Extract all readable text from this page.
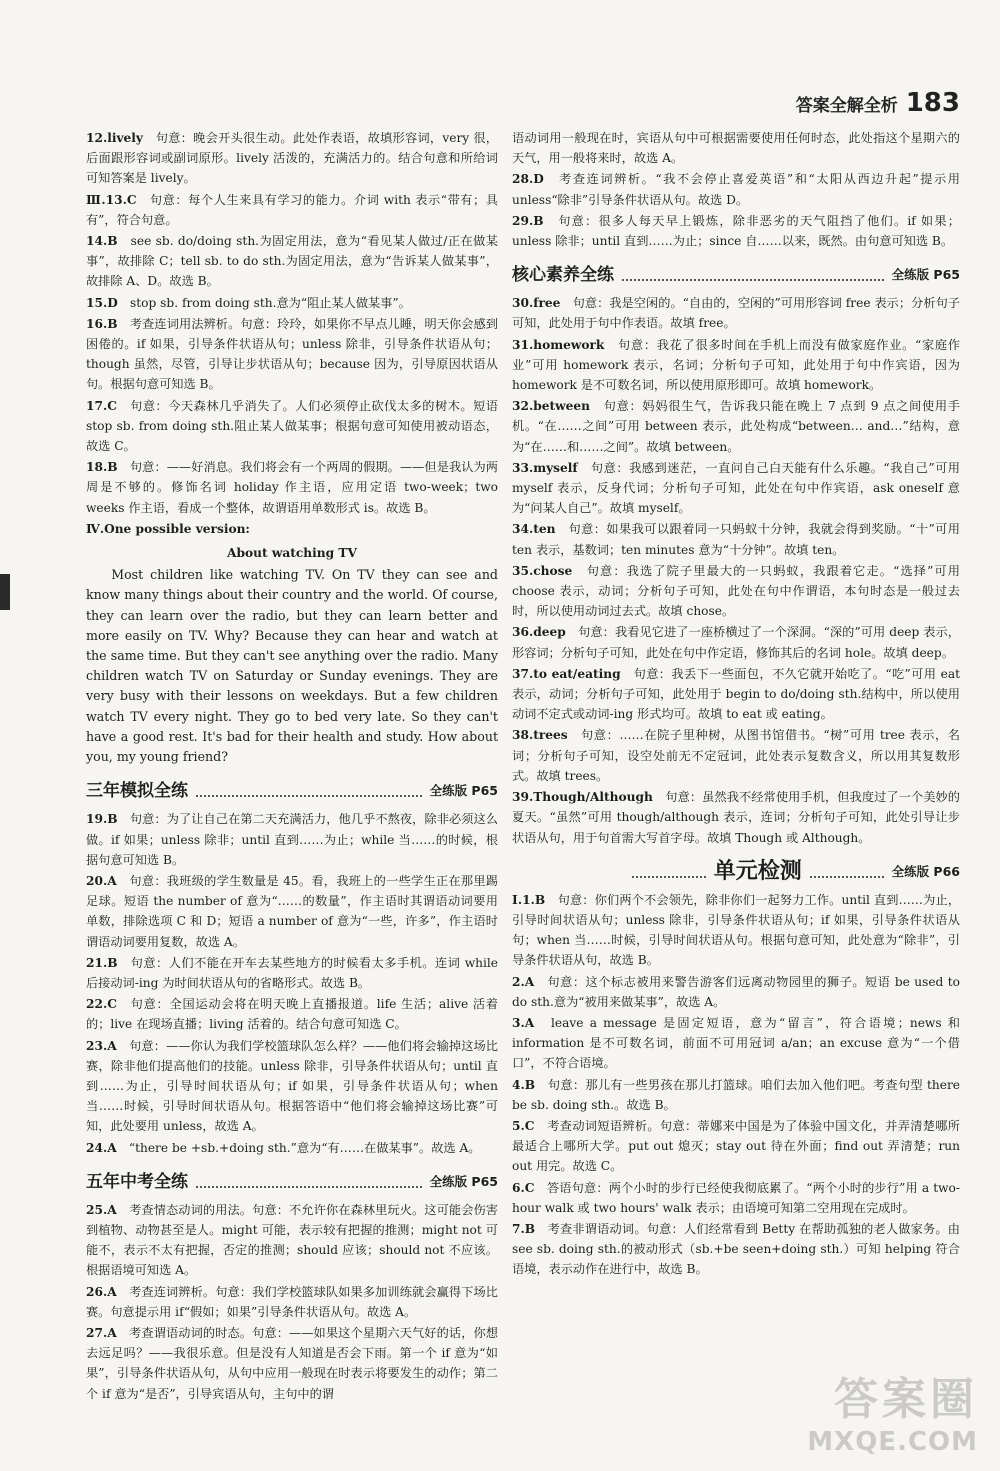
答案全解全析 183

12.lively　句意：晚会开头很生动。此处作表语，故填形容词，very 很，后面跟形容词或副词原形。lively 活泼的，充满活力的。结合句意和所给词可知答案是 lively。

Ⅲ.13.C　句意：每个人生来具有学习的能力。介词 with 表示“带有；具有”，符合句意。

14.B　see sb. do/doing sth.为固定用法，意为“看见某人做过/正在做某事”，故排除 C；tell sb. to do sth.为固定用法，意为“告诉某人做某事”，故排除 A、D。故选 B。

15.D　stop sb. from doing sth.意为“阻止某人做某事”。

16.B　考查连词用法辨析。句意：玲玲，如果你不早点儿睡，明天你会感到困倦的。if 如果，引导条件状语从句；unless 除非，引导条件状语从句；though 虽然，尽管，引导让步状语从句；because 因为，引导原因状语从句。根据句意可知选 B。

17.C　句意：今天森林几乎消失了。人们必须停止砍伐太多的树木。短语 stop sb. from doing sth.阻止某人做某事；根据句意可知使用被动语态，故选 C。

18.B　句意：——好消息。我们将会有一个两周的假期。——但是我认为两周是不够的。修饰名词 holiday 作主语，应用定语 two-week；two weeks 作主语，看成一个整体，故谓语用单数形式 is。故选 B。

Ⅳ.One possible version:

About watching TV

Most children like watching TV. On TV they can see and know many things about their country and the world. Of course, they can learn over the radio, but they can learn better and more easily on TV. Why? Because they can hear and watch at the same time. But they can't see anything over the radio. Many children watch TV on Saturday or Sunday evenings. They are very busy with their lessons on weekdays. But a few children watch TV every night. They go to bed very late. So they can't have a good rest. It's bad for their health and study. How about you, my young friend?

三年模拟全练	全练版 P65

19.B　句意：为了让自己在第二天充满活力，他几乎不熬夜，除非必须这么做。if 如果；unless 除非；until 直到……为止；while 当……的时候，根据句意可知选 B。

20.A　句意：我班级的学生数量是 45。看，我班上的一些学生正在那里踢足球。短语 the number of 意为“……的数量”，作主语时其谓语动词要用单数，排除选项 C 和 D；短语 a number of 意为“一些，许多”，作主语时谓语动词要用复数，故选 A。

21.B　句意：人们不能在开车去某些地方的时候看太多手机。连词 while 后接动词-ing 为时间状语从句的省略形式。故选 B。

22.C　句意：全国运动会将在明天晚上直播报道。life 生活；alive 活着的；live 在现场直播；living 活着的。结合句意可知选 C。

23.A　句意：——你认为我们学校篮球队怎么样？——他们将会输掉这场比赛，除非他们提高他们的技能。unless 除非，引导条件状语从句；until 直到……为止，引导时间状语从句；if 如果，引导条件状语从句；when 当……时候，引导时间状语从句。根据答语中“他们将会输掉这场比赛”可知，此处要用 unless，故选 A。

24.A　“there be +sb.+doing sth.”意为“有……在做某事”。故选 A。

五年中考全练	全练版 P65

25.A　考查情态动词的用法。句意：不允许你在森林里玩火。这可能会伤害到植物、动物甚至是人。might 可能，表示较有把握的推测；might not 可能不，表示不太有把握，否定的推测；should 应该；should not 不应该。根据语境可知选 A。

26.A　考查连词辨析。句意：我们学校篮球队如果多加训练就会赢得下场比赛。句意提示用 if“假如；如果”引导条件状语从句。故选 A。

27.A　考查谓语动词的时态。句意：——如果这个星期六天气好的话，你想去远足吗？——我很乐意。但是没有人知道是否会下雨。第一个 if 意为“如果”，引导条件状语从句，从句中应用一般现在时表示将要发生的动作；第二个 if 意为“是否”，引导宾语从句，主句中的谓

语动词用一般现在时，宾语从句中可根据需要使用任何时态，此处指这个星期六的天气，用一般将来时，故选 A。

28.D　考查连词辨析。“我不会停止喜爱英语”和“太阳从西边升起”提示用 unless“除非”引导条件状语从句。故选 D。

29.B　句意：很多人每天早上锻炼，除非恶劣的天气阻挡了他们。if 如果；unless 除非；until 直到……为止；since 自……以来，既然。由句意可知选 B。

核心素养全练	全练版 P65

30.free　句意：我是空闲的。“自由的，空闲的”可用形容词 free 表示；分析句子可知，此处用于句中作表语。故填 free。

31.homework　句意：我花了很多时间在手机上而没有做家庭作业。“家庭作业”可用 homework 表示，名词；分析句子可知，此处用于句中作宾语，因为 homework 是不可数名词，所以使用原形即可。故填 homework。

32.between　句意：妈妈很生气，告诉我只能在晚上 7 点到 9 点之间使用手机。“在……之间”可用 between 表示，此处构成“between… and…”结构，意为“在……和……之间”。故填 between。

33.myself　句意：我感到迷茫，一直问自己白天能有什么乐趣。“我自己”可用 myself 表示，反身代词；分析句子可知，此处在句中作宾语，ask oneself 意为“问某人自己”。故填 myself。

34.ten　句意：如果我可以跟着同一只蚂蚁十分钟，我就会得到奖励。“十”可用 ten 表示，基数词；ten minutes 意为“十分钟”。故填 ten。

35.chose　句意：我选了院子里最大的一只蚂蚁，我跟着它走。“选择”可用 choose 表示，动词；分析句子可知，此处在句中作谓语，本句时态是一般过去时，所以使用动词过去式。故填 chose。

36.deep　句意：我看见它进了一座桥横过了一个深洞。“深的”可用 deep 表示，形容词；分析句子可知，此处在句中作定语，修饰其后的名词 hole。故填 deep。

37.to eat/eating　句意：我丢下一些面包，不久它就开始吃了。“吃”可用 eat 表示，动词；分析句子可知，此处用于 begin to do/doing sth.结构中，所以使用动词不定式或动词-ing 形式均可。故填 to eat 或 eating。

38.trees　句意：……在院子里种树，从图书馆借书。“树”可用 tree 表示，名词；分析句子可知，设空处前无不定冠词，此处表示复数含义，所以用其复数形式。故填 trees。

39.Though/Although　句意：虽然我不经常使用手机，但我度过了一个美妙的夏天。“虽然”可用 though/although 表示，连词；分析句子可知，此处引导让步状语从句，用于句首需大写首字母。故填 Though 或 Although。

单元检测	全练版 P66

Ⅰ.1.B　句意：你们两个不会领先，除非你们一起努力工作。until 直到……为止，引导时间状语从句；unless 除非，引导条件状语从句；if 如果，引导条件状语从句；when 当……时候，引导时间状语从句。根据句意可知，此处意为“除非”，引导条件状语从句，故选 B。

2.A　句意：这个标志被用来警告游客们远离动物园里的狮子。短语 be used to do sth.意为“被用来做某事”，故选 A。

3.A　leave a message 是固定短语，意为“留言”，符合语境；news 和 information 是不可数名词，前面不可用冠词 a/an；an excuse 意为“一个借口”，不符合语境。

4.B　句意：那儿有一些男孩在那儿打篮球。咱们去加入他们吧。考查句型 there be sb. doing sth.。故选 B。

5.C　考查动词短语辨析。句意：蒂娜来中国是为了体验中国文化，并弄清楚哪所最适合上哪所大学。put out 熄灭；stay out 待在外面；find out 弄清楚；run out 用完。故选 C。

6.C　答语句意：两个小时的步行已经使我彻底累了。“两个小时的步行”用 a two-hour walk 或 two hours' walk 表示；由语境可知第二空用现在完成时。

7.B　考查非谓语动词。句意：人们经常看到 Betty 在帮助孤独的老人做家务。由 see sb. doing sth.的被动形式（sb.+be seen+doing sth.）可知 helping 符合语境，表示动作在进行中，故选 B。

答案圈
MXQE.COM
